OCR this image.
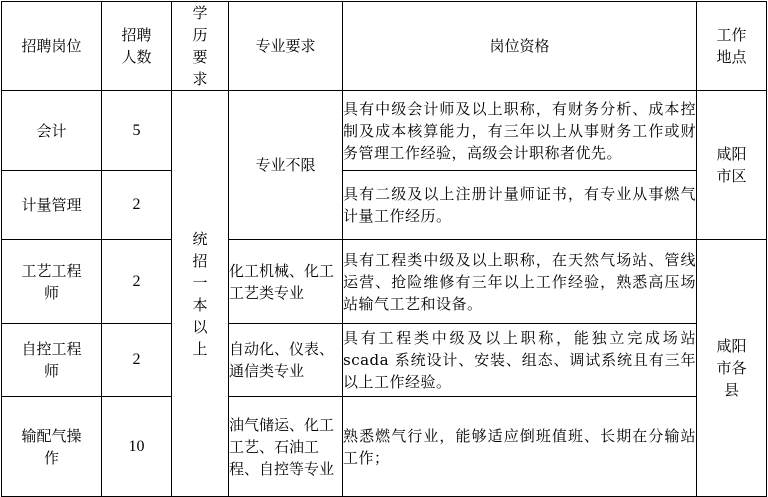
招聘岗位	招聘人数	学历要求	专业要求	岗位资格	工作地点

会计	5	统招一本以上	专业不限	具有中级会计师及以上职称，有财务分析、成本控制及成本核算能力，有三年以上从事财务工作或财务管理工作经验，高级会计职称者优先。	咸阳市区

计量管理	2			具有二级及以上注册计量师证书，有专业从事燃气计量工作经历。	

工艺工程师	2		化工机械、化工工艺类专业	具有工程类中级及以上职称，在天然气场站、管线运营、抢险维修有三年以上工作经验，熟悉高压场站输气工艺和设备。	咸阳市各县

自控工程师	2		自动化、仪表、通信类专业	具有工程类中级及以上职称，能独立完成场站 scada 系统设计、安装、组态、调试系统且有三年以上工作经验。	

输配气操作	10		油气储运、化工工艺、石油工程、自控等专业	熟悉燃气行业，能够适应倒班值班、长期在分输站工作；	
